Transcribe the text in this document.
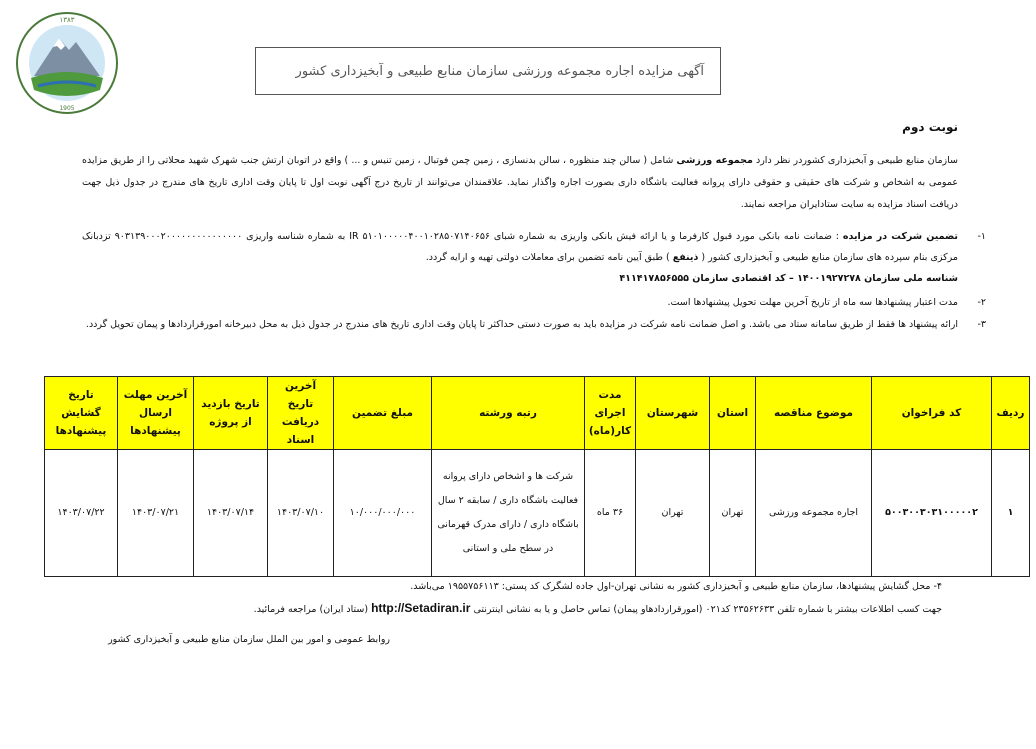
۱۳۸۳
1905
آگهی مزایده اجاره مجموعه ورزشی سازمان منابع طبیعی و آبخیزداری کشور
نوبت دوم
سازمان منابع طبیعی و آبخیزداری کشوردر نظر دارد مجموعه ورزشی شامل ( سالن چند منظوره ، سالن بدنسازی ، زمین چمن فوتبال ، زمین تنیس و ... ) واقع در اتوبان ارتش جنب شهرک شهید محلاتی را از طریق مزایده عمومی به اشخاص و شرکت های حقیقی و حقوقی دارای پروانه فعالیت باشگاه داری بصورت اجاره واگذار نماید. علاقمندان می‌توانند از تاریخ درج آگهی نوبت اول تا پایان وقت اداری تاریخ های مندرج در جدول ذیل جهت دریافت اسناد مزایده به سایت ستادایران مراجعه نمایند.
۱-
تضمین شرکت در مزایده : ضمانت نامه بانکی مورد قبول کارفرما و یا ارائه فیش بانکی واریزی به شماره شبای IR ۵۱۰۱۰۰۰۰۰۴۰۰۱۰۲۸۵۰۷۱۴۰۶۵۶ به شماره شناسه واریزی ۹۰۳۱۳۹۰۰۰۲۰۰۰۰۰۰۰۰۰۰۰۰۰۰۰ تزدبانک مرکزی بنام سپرده های سازمان منابع طبیعی و آبخیزداری کشور ( ذینفع ) طبق آیین نامه تضمین برای معاملات دولتی تهیه و ارایه گردد.
شناسه ملی سازمان ۱۴۰۰۱۹۲۷۲۷۸ – کد اقتصادی سازمان ۴۱۱۴۱۷۸۵۶۵۵۵
۲-
مدت اعتبار پیشنهادها سه ماه از تاریخ آخرین مهلت تحویل پیشنهادها است.
۳-
ارائه پیشنهاد ها فقط از طریق سامانه ستاد می باشد. و اصل ضمانت نامه شرکت در مزایده باید به صورت دستی حداکثر تا پایان وقت اداری تاریخ های مندرج در جدول ذیل به محل دبیرخانه امورقراردادها و پیمان تحویل گردد.
ردیف	کد فراخوان	موضوع مناقصه	استان	شهرستان	مدت اجرای کار(ماه)	رتبه ورشته	مبلغ تضمین	آخرین تاریخ دریافت اسناد	تاریخ بازدید از پروژه	آخرین مهلت ارسال پیشنهادها	تاریخ گشایش پیشنهادها
۱	۵۰۰۳۰۰۳۰۳۱۰۰۰۰۰۲	اجاره مجموعه ورزشی	تهران	تهران	۳۶ ماه	شرکت ها و اشخاص دارای پروانه فعالیت باشگاه داری / سابقه ۲ سال باشگاه داری / دارای مدرک قهرمانی در سطح ملی و استانی	۱۰/۰۰۰/۰۰۰/۰۰۰	۱۴۰۳/۰۷/۱۰	۱۴۰۳/۰۷/۱۴	۱۴۰۳/۰۷/۲۱	۱۴۰۳/۰۷/۲۲
۴- محل گشایش پیشنهادها، سازمان منابع طبیعی و آبخیزداری کشور به نشانی تهران-اول جاده لشگرک کد پستی: ۱۹۵۵۷۵۶۱۱۳ می‌باشد.
جهت کسب اطلاعات بیشتر با شماره تلفن ۲۳۵۶۲۶۳۳ کد۰۲۱ (امورقراردادهاو پیمان) تماس حاصل و یا به نشانی اینترنتی http://Setadiran.ir (ستاد ایران) مراجعه فرمائید.
روابط عمومی و امور بین الملل سازمان منابع طبیعی و آبخیزداری کشور
